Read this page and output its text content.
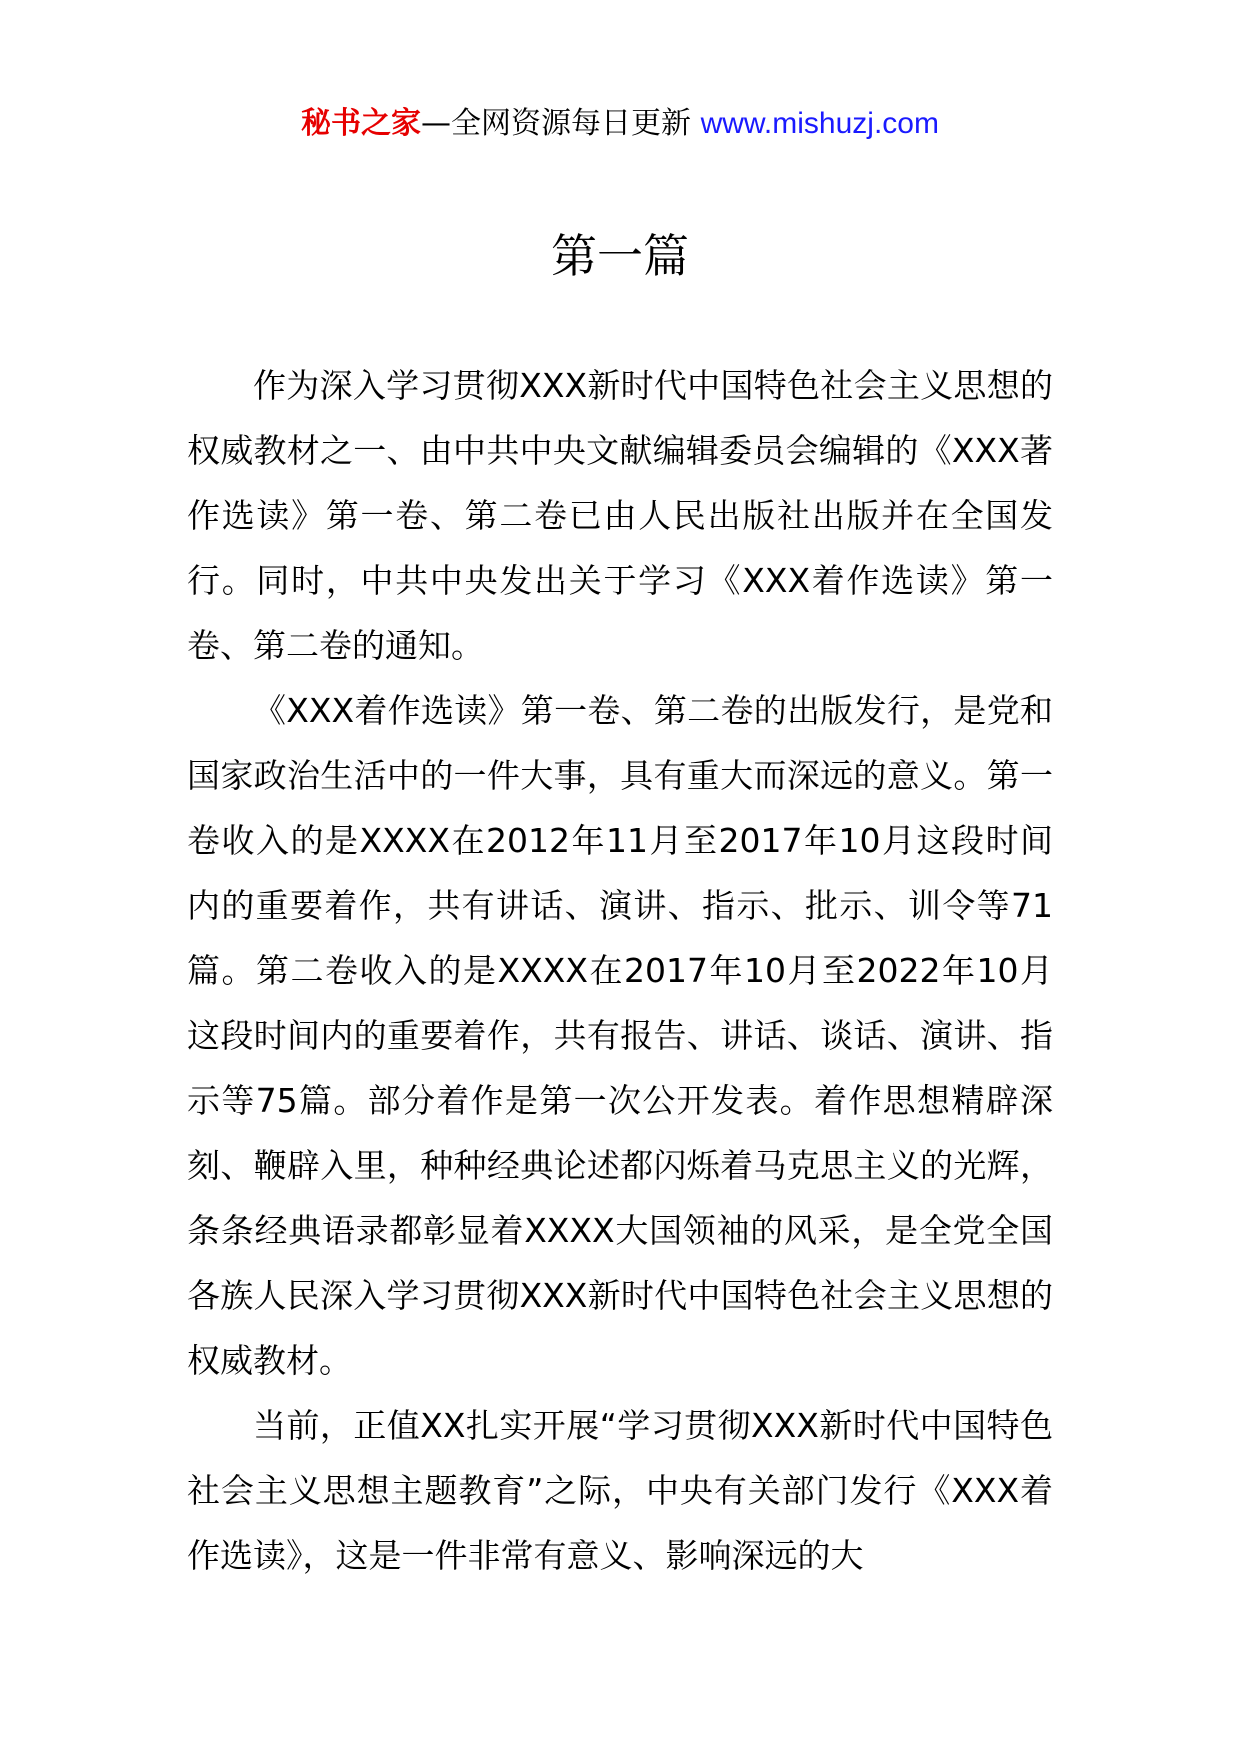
秘书之家—全网资源每日更新 www.mishuzj.com
第一篇

作为深入学习贯彻XXX新时代中国特色社会主义思想的权威教材之一、由中共中央文献编辑委员会编辑的《XXX著作选读》第一卷、第二卷已由人民出版社出版并在全国发行。同时，中共中央发出关于学习《XXX着作选读》第一卷、第二卷的通知。

《XXX着作选读》第一卷、第二卷的出版发行，是党和国家政治生活中的一件大事，具有重大而深远的意义。第一卷收入的是XXXX在2012年11月至2017年10月这段时间内的重要着作，共有讲话、演讲、指示、批示、训令等71篇。第二卷收入的是XXXX在2017年10月至2022年10月这段时间内的重要着作，共有报告、讲话、谈话、演讲、指示等75篇。部分着作是第一次公开发表。着作思想精辟深刻、鞭辟入里，种种经典论述都闪烁着马克思主义的光辉，条条经典语录都彰显着XXXX大国领袖的风采，是全党全国各族人民深入学习贯彻XXX新时代中国特色社会主义思想的权威教材。

当前，正值XX扎实开展“学习贯彻XXX新时代中国特色社会主义思想主题教育”之际，中央有关部门发行《XXX着作选读》，这是一件非常有意义、影响深远的大
